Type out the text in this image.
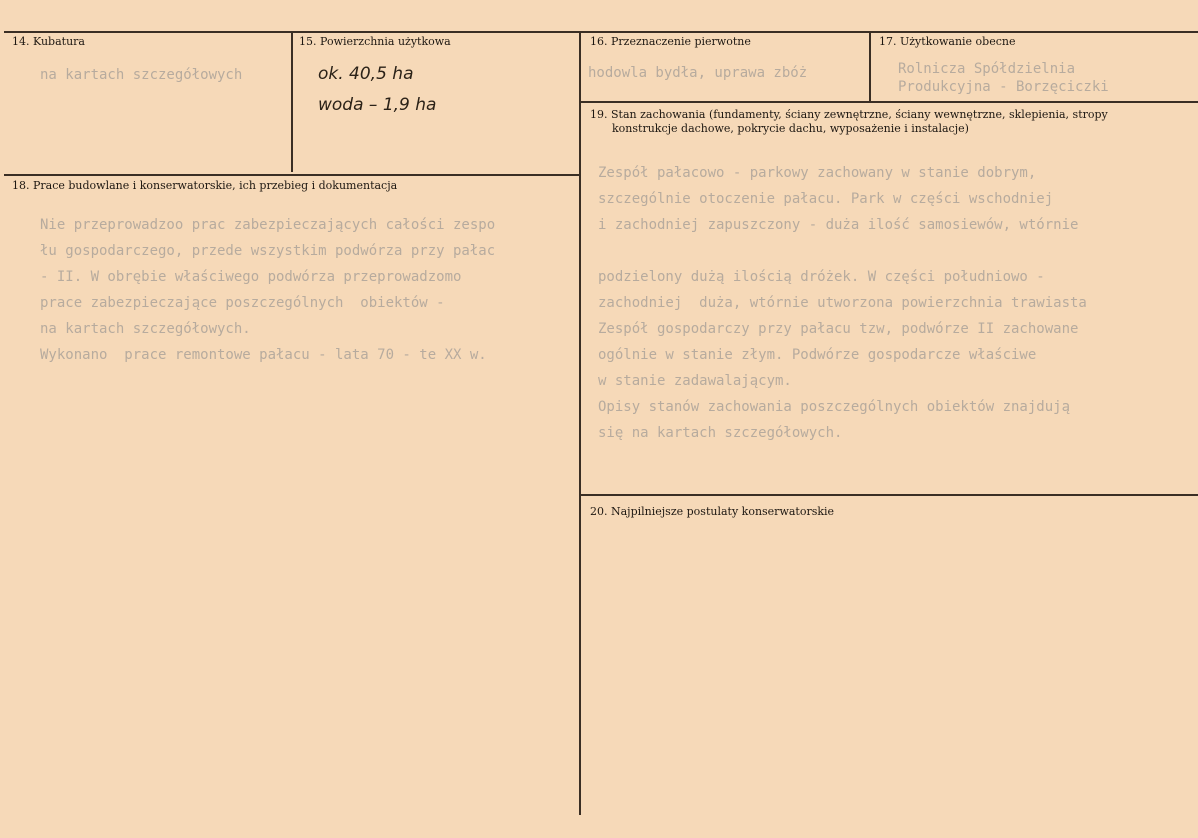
14. Kubatura
na kartach szczegółowych
15. Powierzchnia użytkowa
ok. 40,5 ha
woda – 1,9 ha
16. Przeznaczenie pierwotne
hodowla bydła, uprawa zbóż
17. Użytkowanie obecne
Rolnicza Spółdzielnia
Produkcyjna - Borzęciczki
18. Prace budowlane i konserwatorskie, ich przebieg i dokumentacja
Nie przeprowadzoo prac zabezpieczających całości zespo
łu gospodarczego, przede wszystkim podwórza przy pałac
- II. W obrębie właściwego podwórza przeprowadzomo
prace zabezpieczające poszczególnych  obiektów -
na kartach szczegółowych.
Wykonano  prace remontowe pałacu - lata 70 - te XX w.
19. Stan zachowania (fundamenty, ściany zewnętrzne, ściany wewnętrzne, sklepienia, stropy
konstrukcje dachowe, pokrycie dachu, wyposażenie i instalacje)
Zespół pałacowo - parkowy zachowany w stanie dobrym,
szczególnie otoczenie pałacu. Park w części wschodniej
i zachodniej zapuszczony - duża ilość samosiewów, wtórnie

podzielony dużą ilością dróżek. W części południowo -
zachodniej  duża, wtórnie utworzona powierzchnia trawiasta
Zespół gospodarczy przy pałacu tzw, podwórze II zachowane
ogólnie w stanie złym. Podwórze gospodarcze właściwe
w stanie zadawalającym.
Opisy stanów zachowania poszczególnych obiektów znajdują
się na kartach szczegółowych.
20. Najpilniejsze postulaty konserwatorskie
